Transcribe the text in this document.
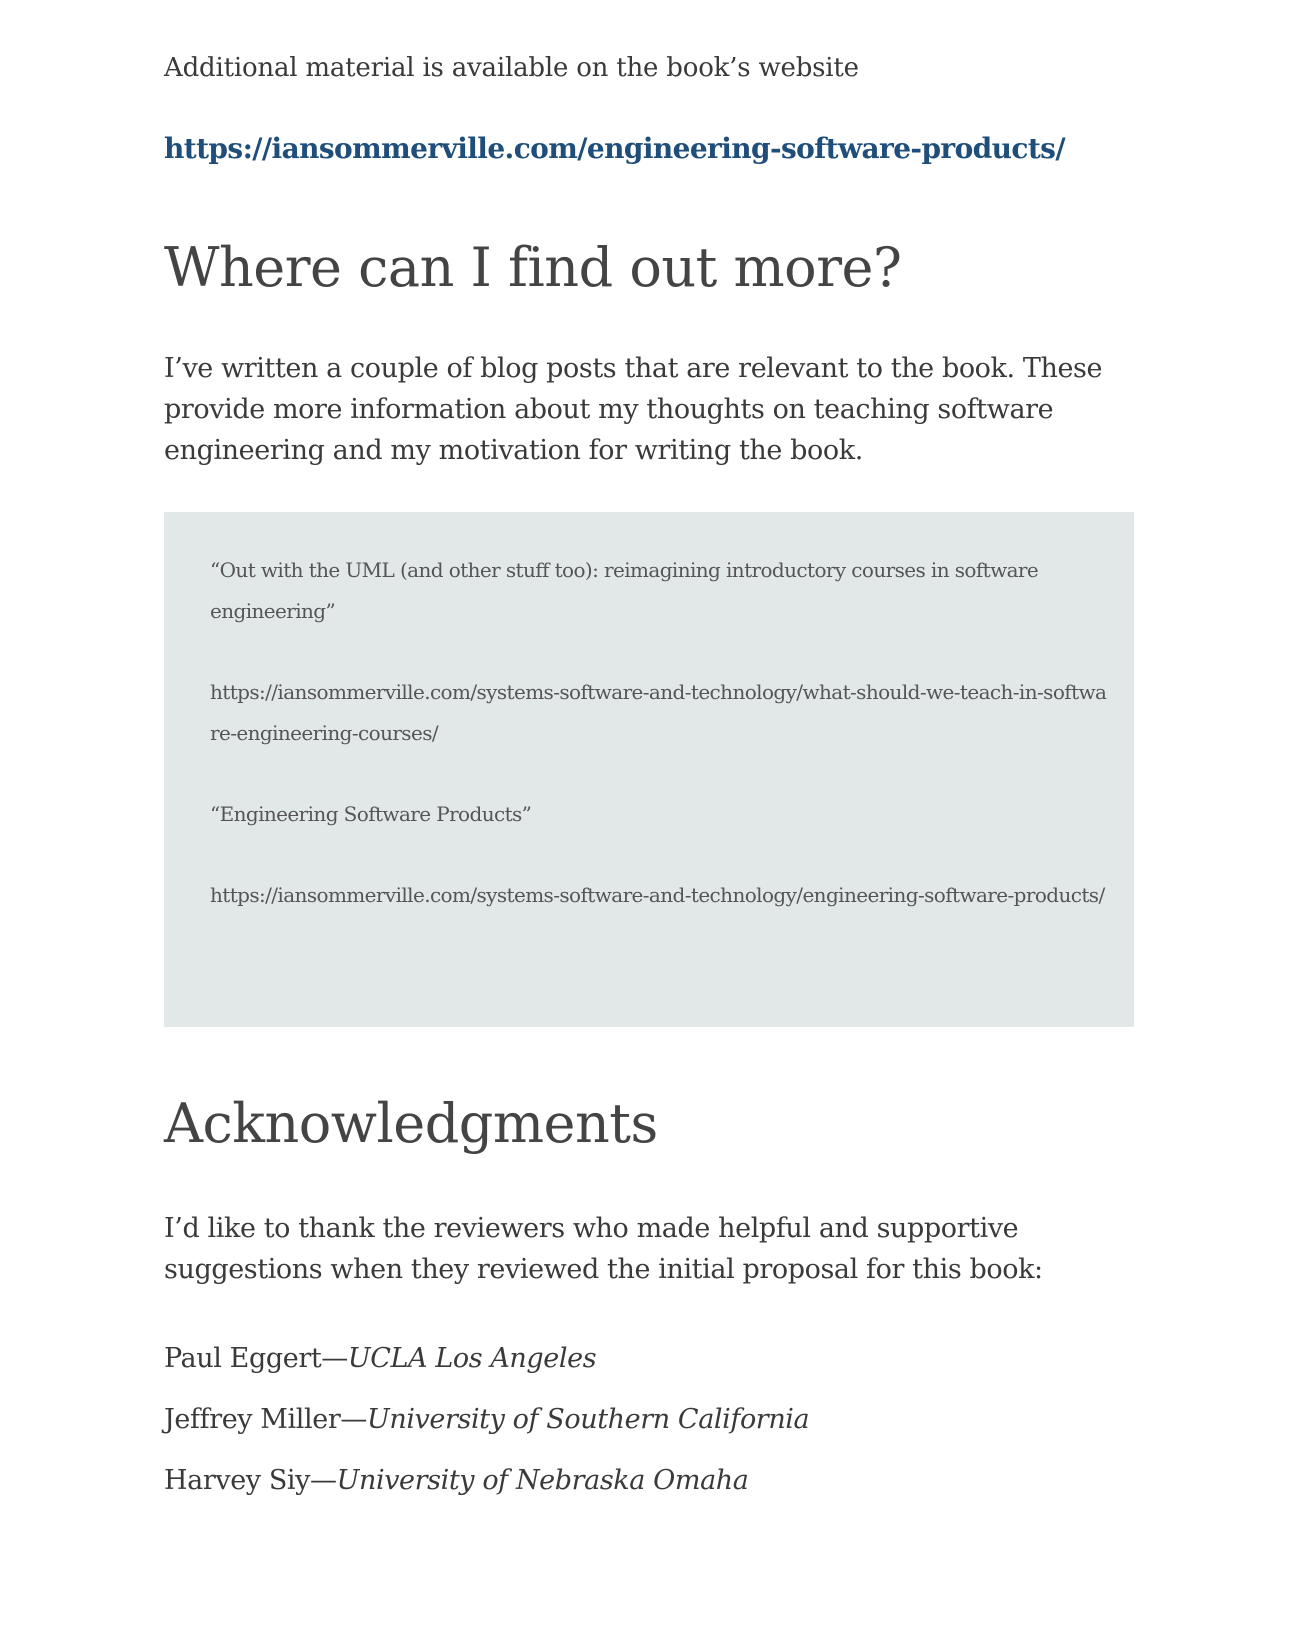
Additional material is available on the book’s website
https://iansommerville.com/engineering-software-products/
Where can I find out more?

I’ve written a couple of blog posts that are relevant to the book. These provide more information about my thoughts on teaching software engineering and my motivation for writing the book.

“Out with the UML (and other stuff too): reimagining introductory courses in software engineering”

https://iansommerville.com/systems-software-and-technology/what-should-we-teach-in-software-engineering-courses/

“Engineering Software Products”

https://iansommerville.com/systems-software-and-technology/engineering-software-products/

Acknowledgments

I’d like to thank the reviewers who made helpful and supportive suggestions when they reviewed the initial proposal for this book:

Paul Eggert—UCLA Los Angeles
Jeffrey Miller—University of Southern California
Harvey Siy—University of Nebraska Omaha
